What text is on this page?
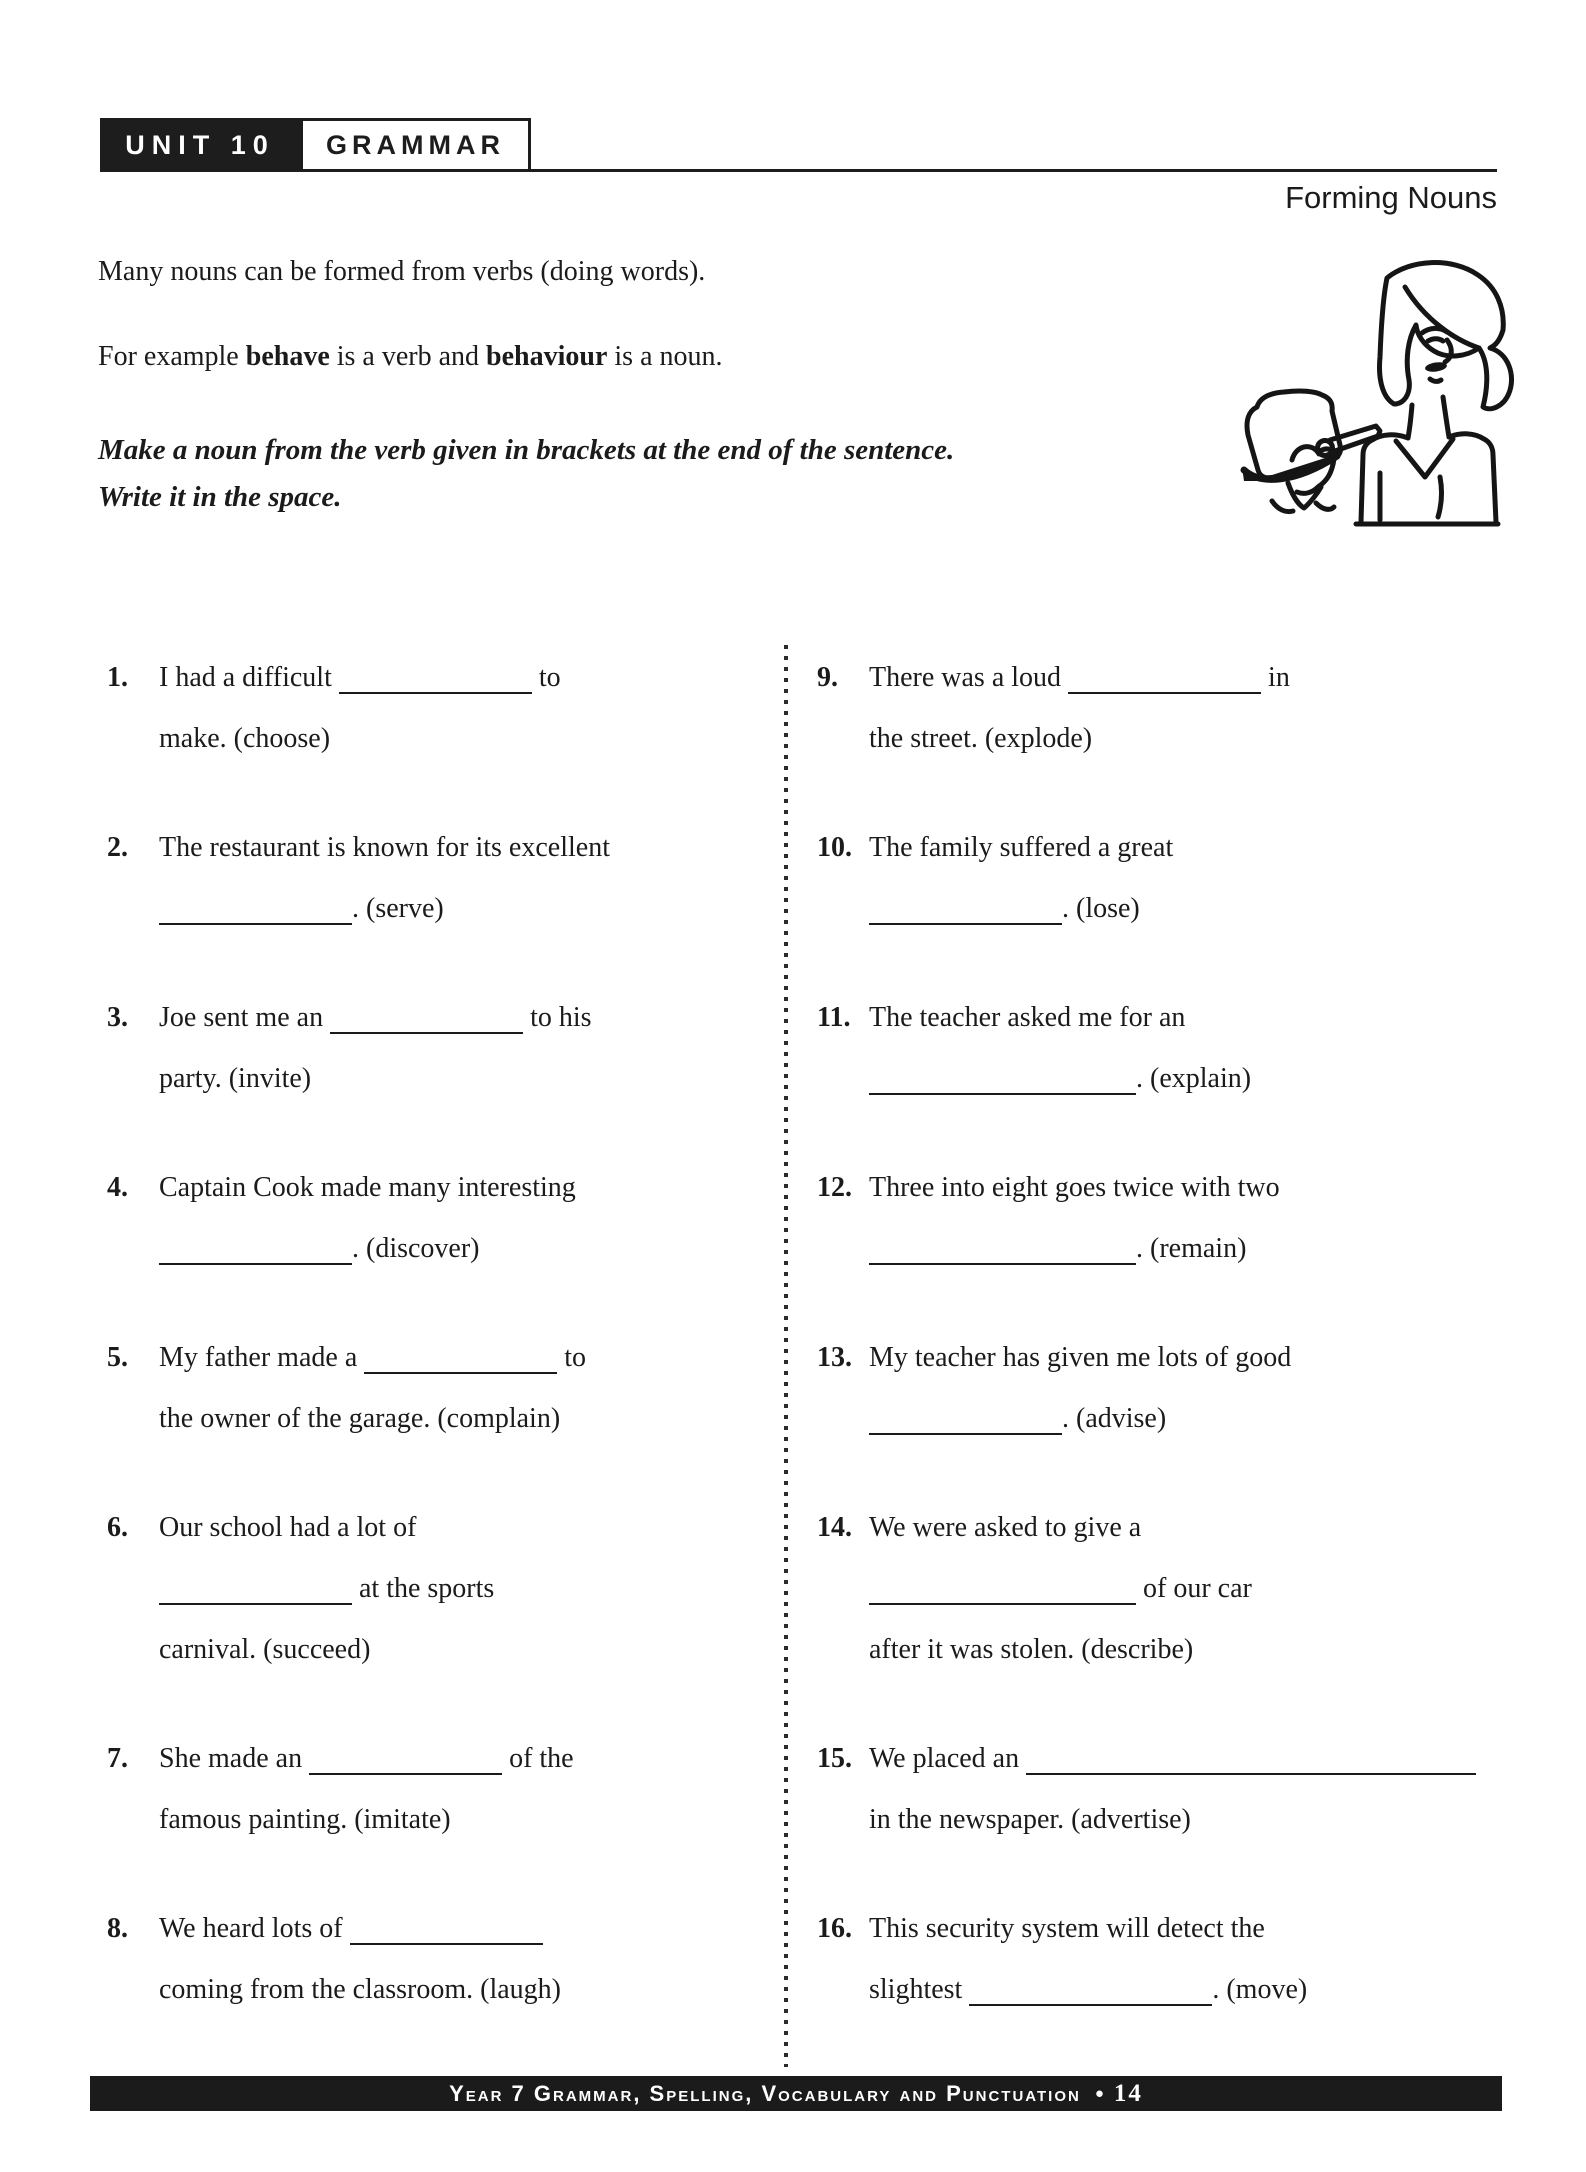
UNIT 10	GRAMMAR
Forming Nouns
Many nouns can be formed from verbs (doing words).
For example behave is a verb and behaviour is a noun.
Make a noun from the verb given in brackets at the end of the sentence.
Write it in the space.
1.	I had a difficult	to
make. (choose)
2.	The restaurant is known for its excellent
. (serve)
3.	Joe sent me an	to his
party. (invite)
4.	Captain Cook made many interesting
. (discover)
5.	My father made a	to
the owner of the garage. (complain)
6.	Our school had a lot of
at the sports
carnival. (succeed)
7.	She made an	of the
famous painting. (imitate)
8.	We heard lots of
coming from the classroom. (laugh)
9.	There was a loud	in
the street. (explode)
10. The family suffered a great
. (lose)
11. The teacher asked me for an
. (explain)
12. Three into eight goes twice with two
. (remain)
13. My teacher has given me lots of good
. (advise)
14. We were asked to give a
of our car
after it was stolen. (describe)
15. We placed an
in the newspaper. (advertise)
16. This security system will detect the
slightest	. (move)
Year 7 Grammar, Spelling, Vocabulary and Punctuation ● 14
